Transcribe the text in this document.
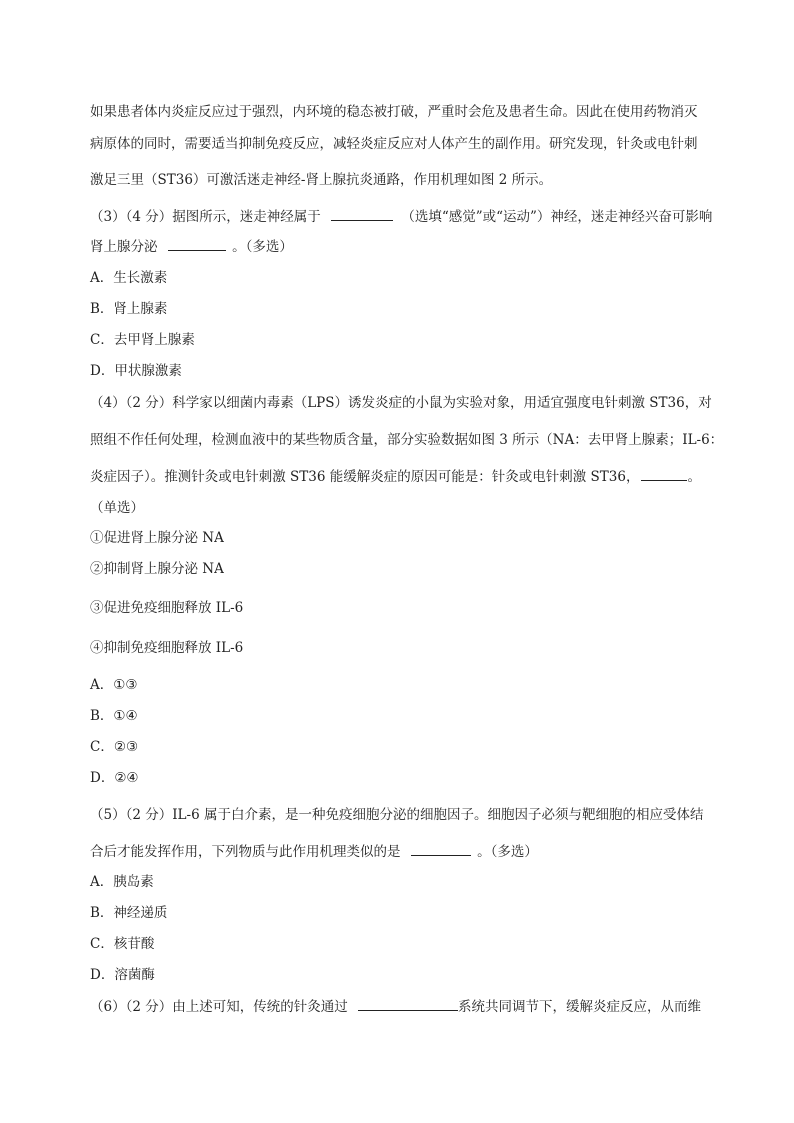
如果患者体内炎症反应过于强烈，内环境的稳态被打破，严重时会危及患者生命。因此在使用药物消灭
病原体的同时，需要适当抑制免疫反应，减轻炎症反应对人体产生的副作用。研究发现，针灸或电针刺
激足三里（ST36）可激活迷走神经-肾上腺抗炎通路，作用机理如图 2 所示。
（3）（4 分）据图所示，迷走神经属于	（选填“感觉”或“运动”）神经，迷走神经兴奋可影响
肾上腺分泌	。（多选）
A．生长激素
B．肾上腺素
C．去甲肾上腺素
D．甲状腺激素
（4）（2 分）科学家以细菌内毒素（LPS）诱发炎症的小鼠为实验对象，用适宜强度电针刺激 ST36，对
照组不作任何处理，检测血液中的某些物质含量，部分实验数据如图 3 所示（NA：去甲肾上腺素；IL-6：
炎症因子）。推测针灸或电针刺激 ST36 能缓解炎症的原因可能是：针灸或电针刺激 ST36，	。
（单选）
①促进肾上腺分泌 NA
②抑制肾上腺分泌 NA
③促进免疫细胞释放 IL-6
④抑制免疫细胞释放 IL-6
A．①③
B．①④
C．②③
D．②④
（5）（2 分）IL-6 属于白介素，是一种免疫细胞分泌的细胞因子。细胞因子必须与靶细胞的相应受体结
合后才能发挥作用，下列物质与此作用机理类似的是	。（多选）
A．胰岛素
B．神经递质
C．核苷酸
D．溶菌酶
（6）（2 分）由上述可知，传统的针灸通过	系统共同调节下，缓解炎症反应，从而维
